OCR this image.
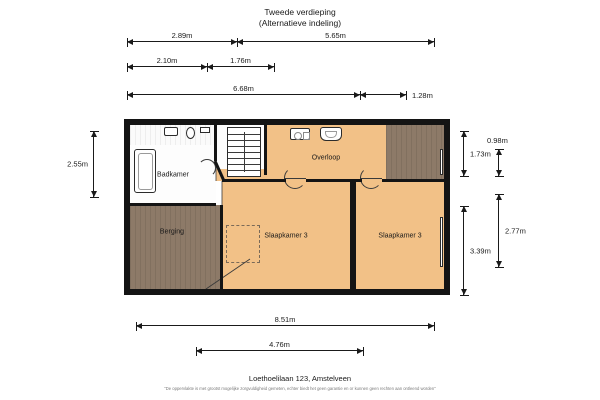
Tweede verdieping
(Alternatieve indeling)
2.89m	5.65m
2.10m	1.76m
6.68m
1.28m
2.55m
1.73m
3.39m
0.98m
2.77m
8.51m
4.76m
Badkamer
Berging
Overloop
Slaapkamer 3	Slaapkamer 3
Loethoelilaan 123, Amstelveen
"De oppervlakte is met grootst mogelijke zorgvuldigheid gemeten, echter biedt het geen garantie en or kunnen geen rechten aan ontleend worden"
